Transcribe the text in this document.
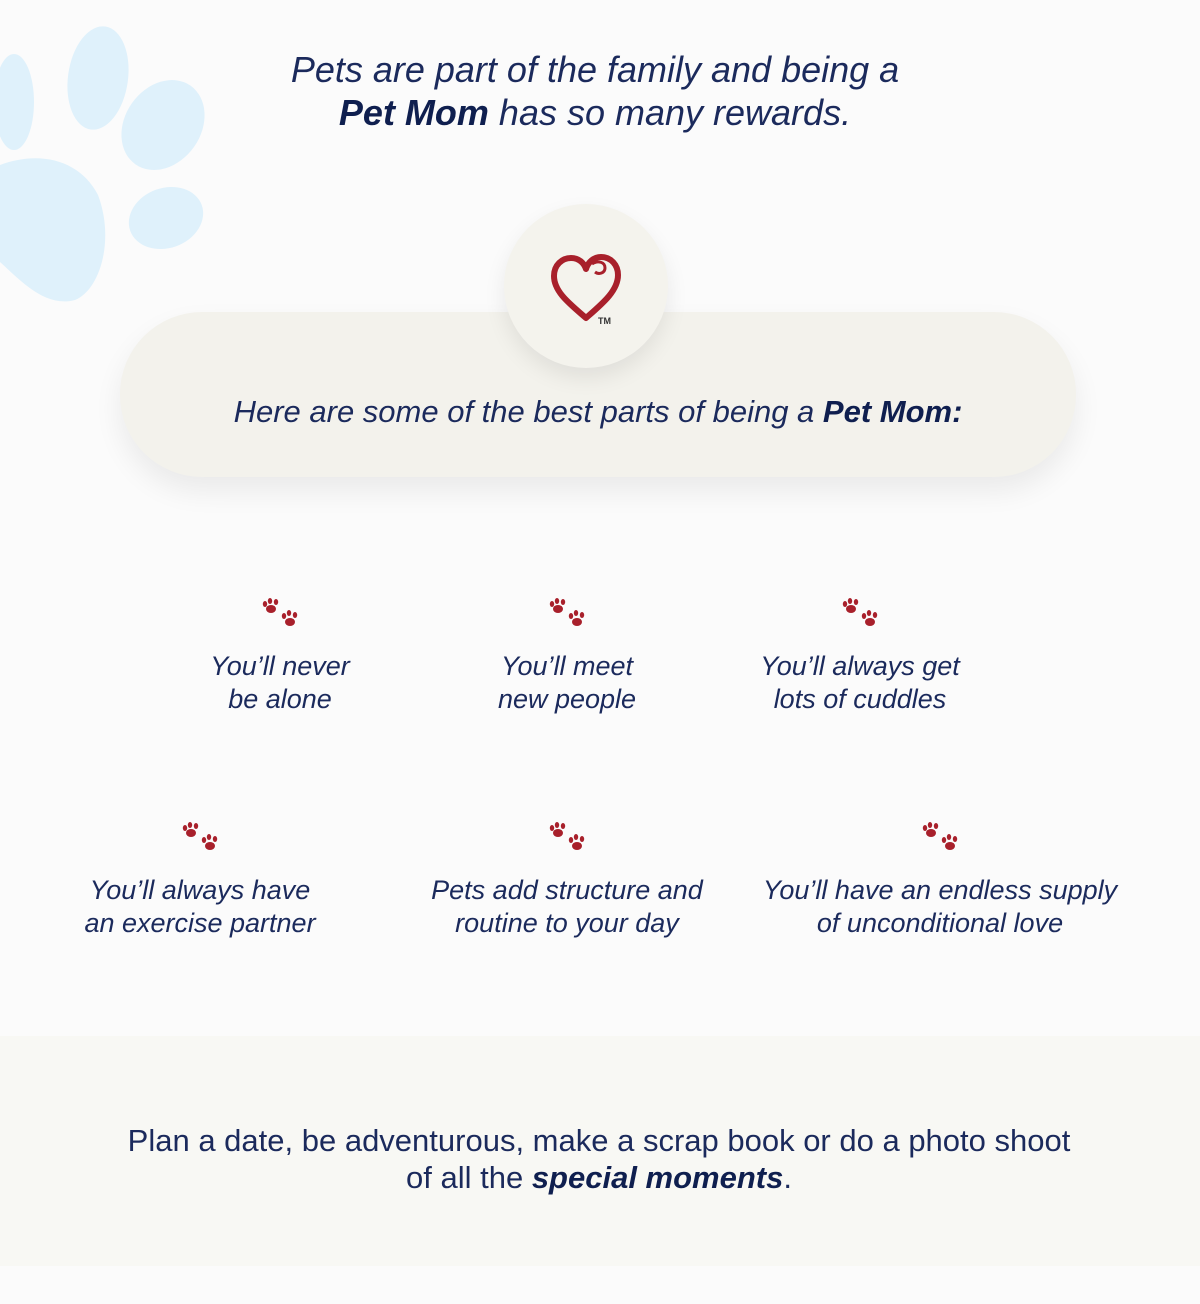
Pets are part of the family and being a
Pet Mom has so many rewards.
TM
Here are some of the best parts of being a Pet Mom:
You’ll never
be alone
You’ll meet
new people
You’ll always get
lots of cuddles
You’ll always have
an exercise partner
Pets add structure and
routine to your day
You’ll have an endless supply
of unconditional love
Plan a date, be adventurous, make a scrap book or do a photo shoot
of all the special moments.
